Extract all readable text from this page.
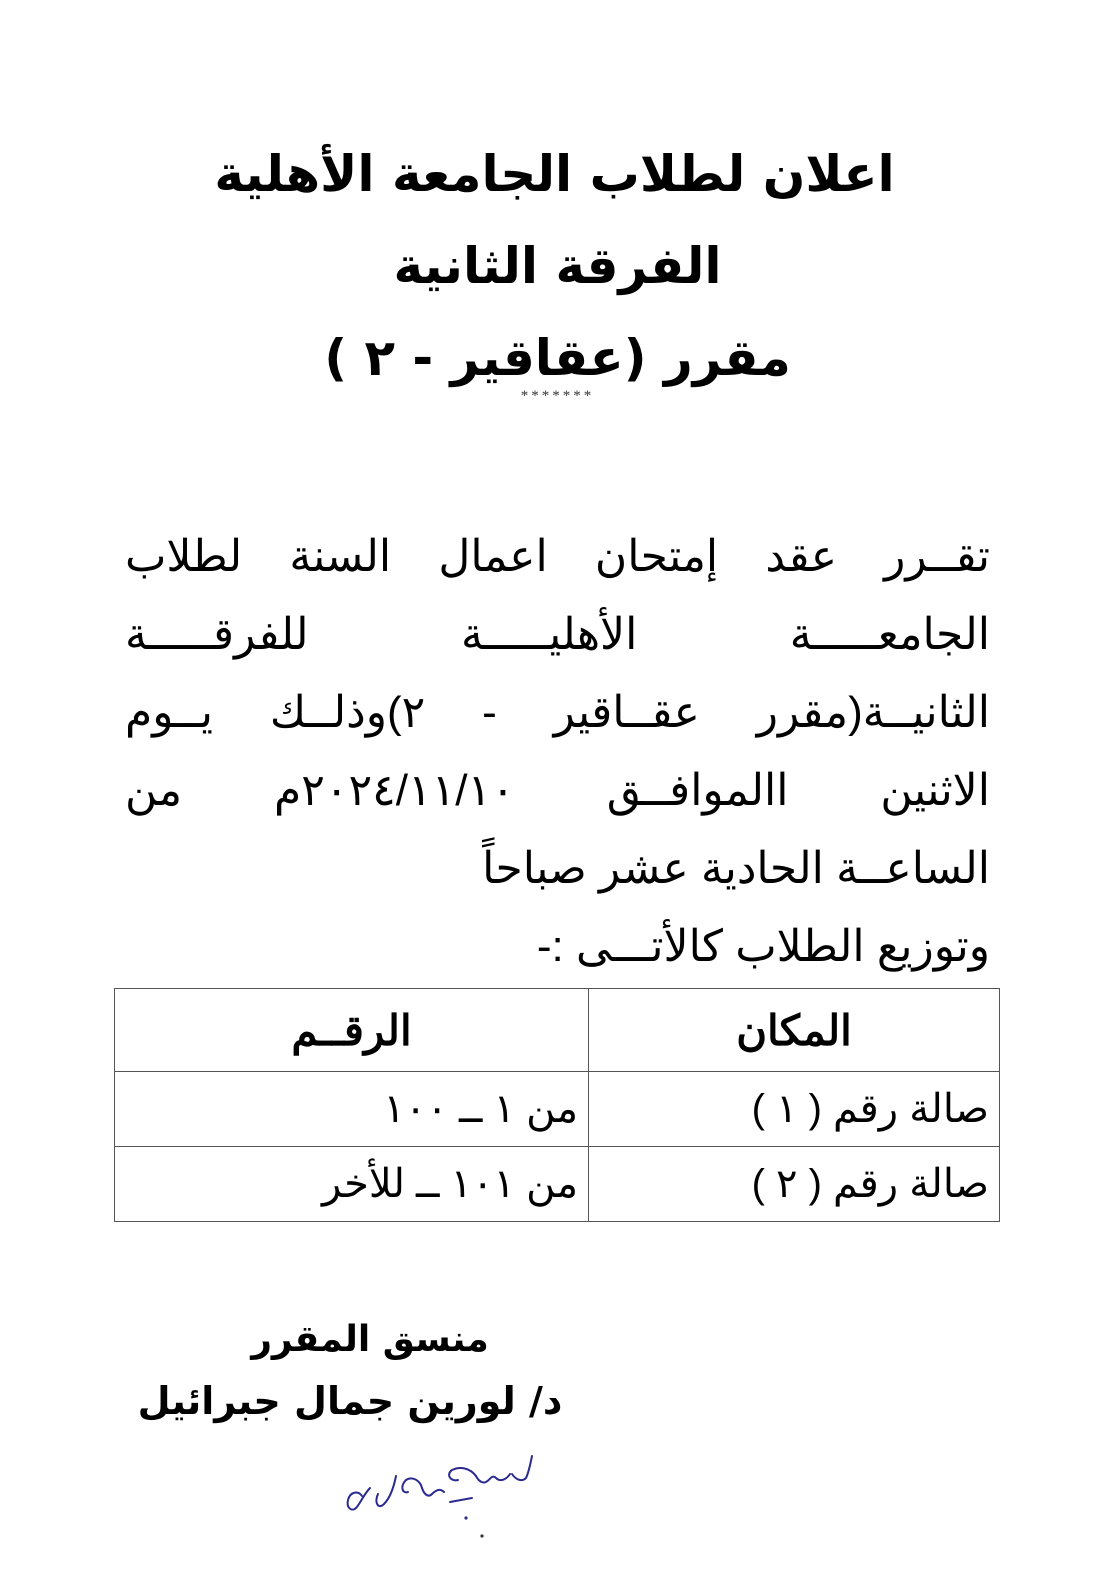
اعلان لطلاب الجامعة الأهلية

الفرقة الثانية

مقرر (عقاقير - ٢ )

*******

تقــرر عقد إمتحان اعمال السنة لطلاب

الجامعـــــة الأهليـــــة للفرقـــــة

الثانيــة(مقرر عقــاقير - ٢)وذلــك يــوم

الاثنين االموافــق ٢٠٢٤/١١/١٠م من

الساعــة الحادية عشر صباحاً

وتوزيع الطلاب كالأتـــى :-

المكان	الرقــم
صالة رقم ( ١ )	من ١ ــ ١٠٠
صالة رقم ( ٢ )	من ١٠١ ــ للأخر

منسق المقرر

د/ لورين جمال جبرائيل
